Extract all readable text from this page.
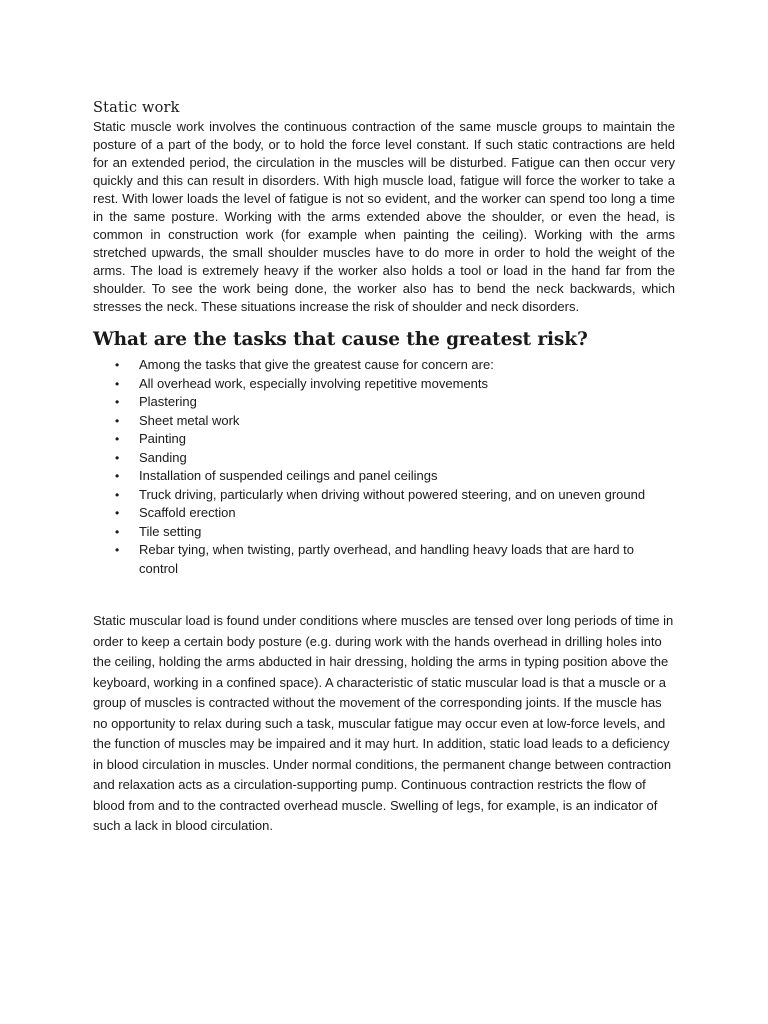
Static work

Static muscle work involves the continuous contraction of the same muscle groups to maintain the posture of a part of the body, or to hold the force level constant. If such static contractions are held for an extended period, the circulation in the muscles will be disturbed. Fatigue can then occur very quickly and this can result in disorders. With high muscle load, fatigue will force the worker to take a rest. With lower loads the level of fatigue is not so evident, and the worker can spend too long a time in the same posture. Working with the arms extended above the shoulder, or even the head, is common in construction work (for example when painting the ceiling). Working with the arms stretched upwards, the small shoulder muscles have to do more in order to hold the weight of the arms. The load is extremely heavy if the worker also holds a tool or load in the hand far from the shoulder. To see the work being done, the worker also has to bend the neck backwards, which stresses the neck. These situations increase the risk of shoulder and neck disorders.

What are the tasks that cause the greatest risk?
• Among the tasks that give the greatest cause for concern are:
• All overhead work, especially involving repetitive movements
• Plastering
• Sheet metal work
• Painting
• Sanding
• Installation of suspended ceilings and panel ceilings
• Truck driving, particularly when driving without powered steering, and on uneven ground
• Scaffold erection
• Tile setting
• Rebar tying, when twisting, partly overhead, and handling heavy loads that are hard to control

Static muscular load is found under conditions where muscles are tensed over long periods of time in order to keep a certain body posture (e.g. during work with the hands overhead in drilling holes into the ceiling, holding the arms abducted in hair dressing, holding the arms in typing position above the keyboard, working in a confined space). A characteristic of static muscular load is that a muscle or a group of muscles is contracted without the movement of the corresponding joints. If the muscle has no opportunity to relax during such a task, muscular fatigue may occur even at low-force levels, and the function of muscles may be impaired and it may hurt. In addition, static load leads to a deficiency in blood circulation in muscles. Under normal conditions, the permanent change between contraction and relaxation acts as a circulation-supporting pump. Continuous contraction restricts the flow of blood from and to the contracted overhead muscle. Swelling of legs, for example, is an indicator of such a lack in blood circulation.
